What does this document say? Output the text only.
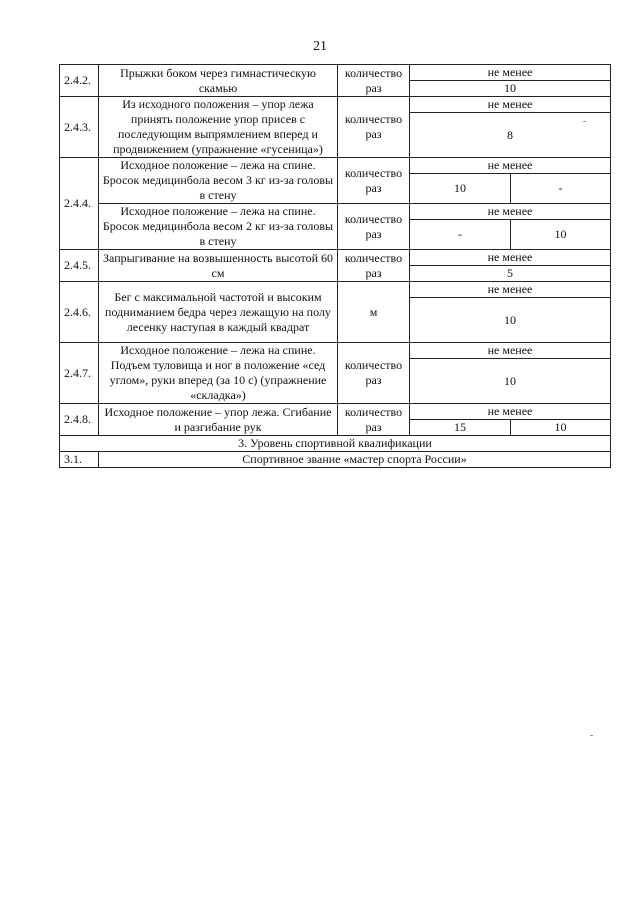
21
2.4.2.	Прыжки боком через гимнастическую скамью	количество раз	не менее	
			10	
2.4.3.	Из исходного положения – упор лежа принять положение упор присев с последующим выпрямлением вперед и продвижением (упражнение «гусеница»)	количество раз	не менее	
			8	
2.4.4.	Исходное положение – лежа на спине. Бросок медицинбола весом 3 кг из-за головы в стену	количество раз	не менее	
			10	-
	Исходное положение – лежа на спине. Бросок медицинбола весом 2 кг из-за головы в стену	количество раз	не менее	
			-	10
2.4.5.	Запрыгивание на возвышенность высотой 60 см	количество раз	не менее	
			5	
2.4.6.	Бег с максимальной частотой и высоким подниманием бедра через лежащую на полу лесенку наступая в каждый квадрат	м	не менее	
			10	
2.4.7.	Исходное положение – лежа на спине. Подъем туловища и ног в положение «сед углом», руки вперед (за 10 с) (упражнение «складка»)	количество раз	не менее	
			10	
2.4.8.	Исходное положение – упор лежа. Сгибание и разгибание рук	количество раз	не менее	
			15	10
3. Уровень спортивной квалификации				
3.1.	Спортивное звание «мастер спорта России»			
